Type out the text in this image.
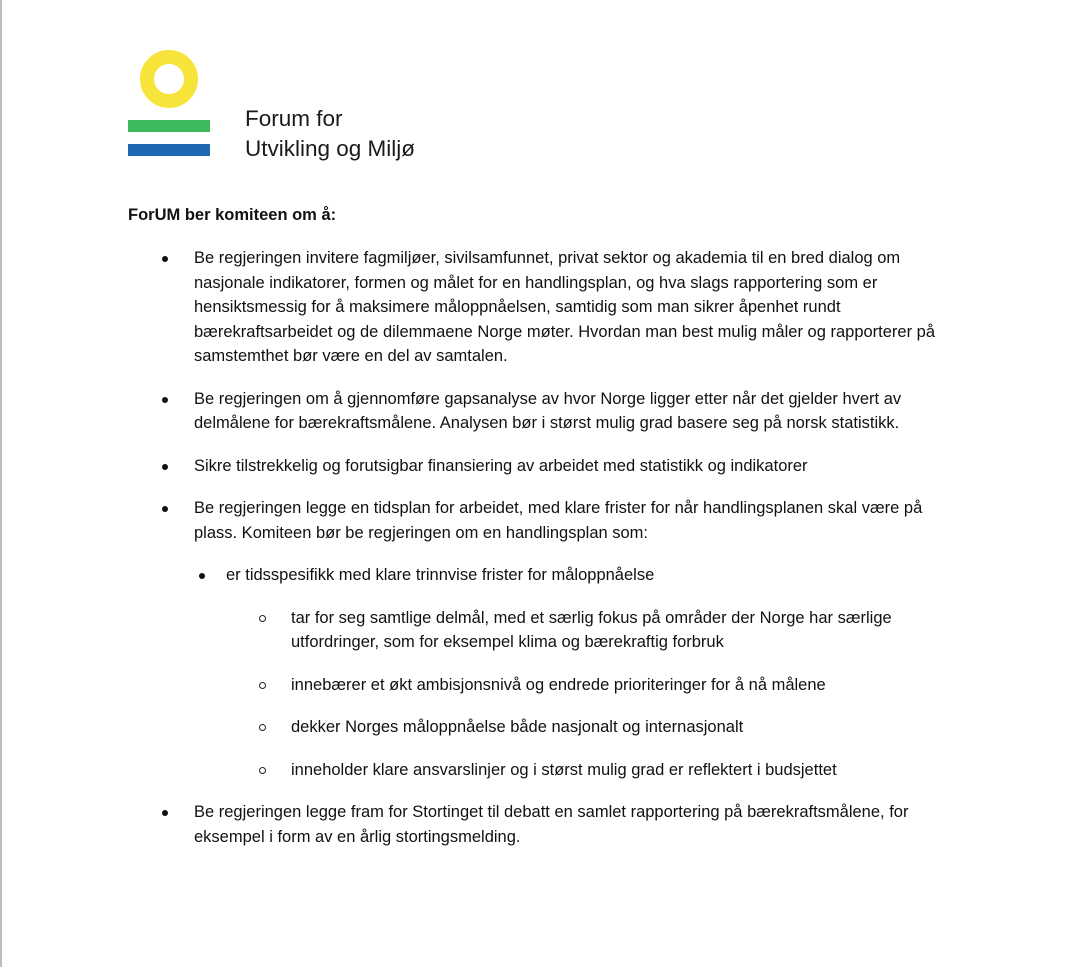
Forum for
Utvikling og Miljø
ForUM ber komiteen om å:
Be regjeringen invitere fagmiljøer, sivilsamfunnet, privat sektor og akademia til en bred dialog om nasjonale indikatorer, formen og målet for en handlingsplan, og hva slags rapportering som er hensiktsmessig for å maksimere måloppnåelsen, samtidig som man sikrer åpenhet rundt bærekraftsarbeidet og de dilemmaene Norge møter. Hvordan man best mulig måler og rapporterer på samstemthet bør være en del av samtalen.
Be regjeringen om å gjennomføre gapsanalyse av hvor Norge ligger etter når det gjelder hvert av delmålene for bærekraftsmålene. Analysen bør i størst mulig grad basere seg på norsk statistikk.
Sikre tilstrekkelig og forutsigbar finansiering av arbeidet med statistikk og indikatorer
Be regjeringen legge en tidsplan for arbeidet, med klare frister for når handlingsplanen skal være på plass. Komiteen bør be regjeringen om en handlingsplan som:
er tidsspesifikk med klare trinnvise frister for måloppnåelse
tar for seg samtlige delmål, med et særlig fokus på områder der Norge har særlige utfordringer, som for eksempel klima og bærekraftig forbruk
innebærer et økt ambisjonsnivå og endrede prioriteringer for å nå målene
dekker Norges måloppnåelse både nasjonalt og internasjonalt
inneholder klare ansvarslinjer og i størst mulig grad er reflektert i budsjettet
Be regjeringen legge fram for Stortinget til debatt en samlet rapportering på bærekraftsmålene, for eksempel i form av en årlig stortingsmelding.
